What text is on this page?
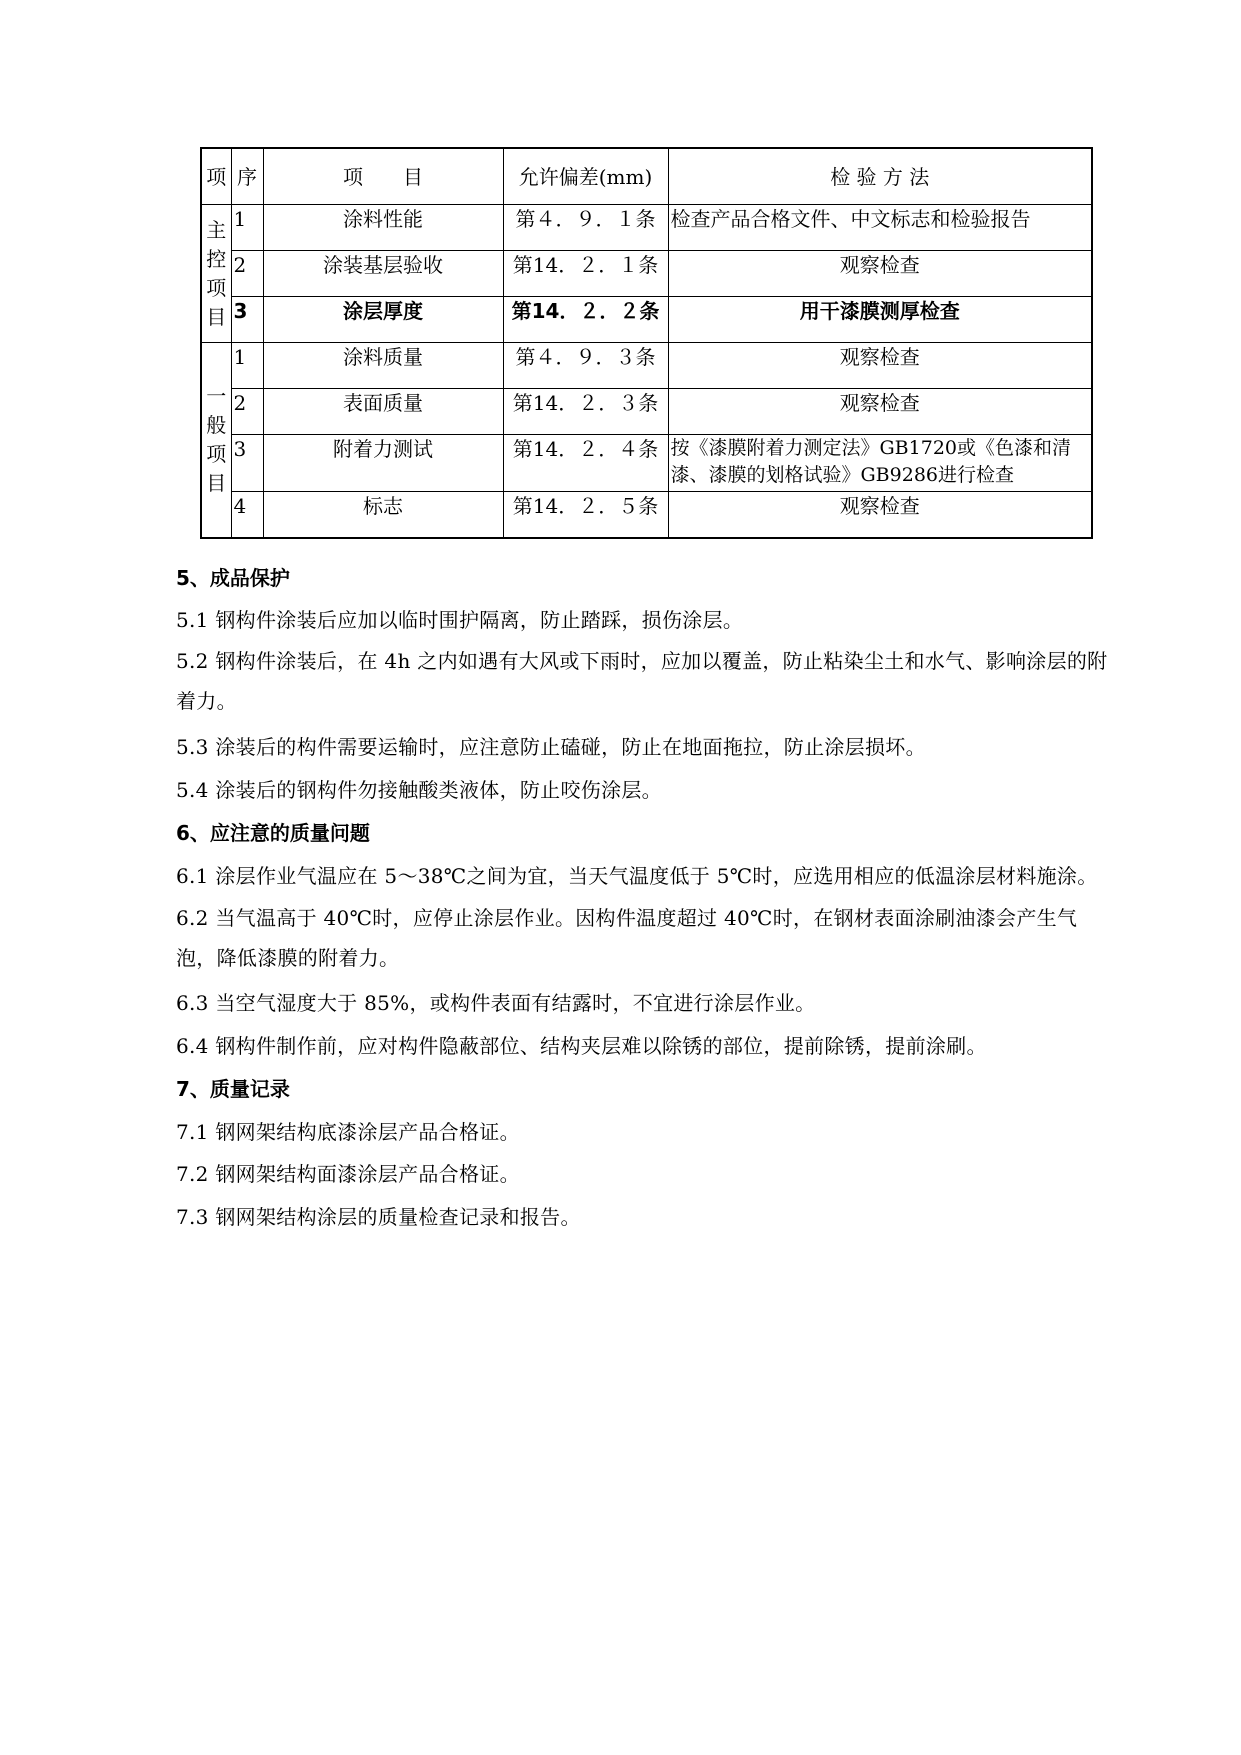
项	序	项　　目	允许偏差(mm)	检 验 方 法

主
控
项
目	1	涂料性能	第４．９．１条	检查产品合格文件、中文标志和检验报告
	2	涂装基层验收	第14．２．１条	观察检查
	3	涂层厚度	第14．２．２条	用干漆膜测厚检查

一
般
项
目	1	涂料质量	第４．９．３条	观察检查
	2	表面质量	第14．２．３条	观察检查
	3	附着力测试	第14．２．４条	按《漆膜附着力测定法》GB1720或《色漆和清漆、漆膜的划格试验》GB9286进行检查
	4	标志	第14．２．５条	观察检查
5、成品保护
5.1 钢构件涂装后应加以临时围护隔离，防止踏踩，损伤涂层。
5.2 钢构件涂装后，在 4h 之内如遇有大风或下雨时，应加以覆盖，防止粘染尘土和水气、影响涂层的附着力。
5.3 涂装后的构件需要运输时，应注意防止磕碰，防止在地面拖拉，防止涂层损坏。
5.4 涂装后的钢构件勿接触酸类液体，防止咬伤涂层。
6、应注意的质量问题
6.1 涂层作业气温应在 5～38℃之间为宜，当天气温度低于 5℃时，应选用相应的低温涂层材料施涂。
6.2 当气温高于 40℃时，应停止涂层作业。因构件温度超过 40℃时，在钢材表面涂刷油漆会产生气泡，降低漆膜的附着力。
6.3 当空气湿度大于 85%，或构件表面有结露时，不宜进行涂层作业。
6.4 钢构件制作前，应对构件隐蔽部位、结构夹层难以除锈的部位，提前除锈，提前涂刷。
7、质量记录
7.1 钢网架结构底漆涂层产品合格证。
7.2 钢网架结构面漆涂层产品合格证。
7.3 钢网架结构涂层的质量检查记录和报告。
